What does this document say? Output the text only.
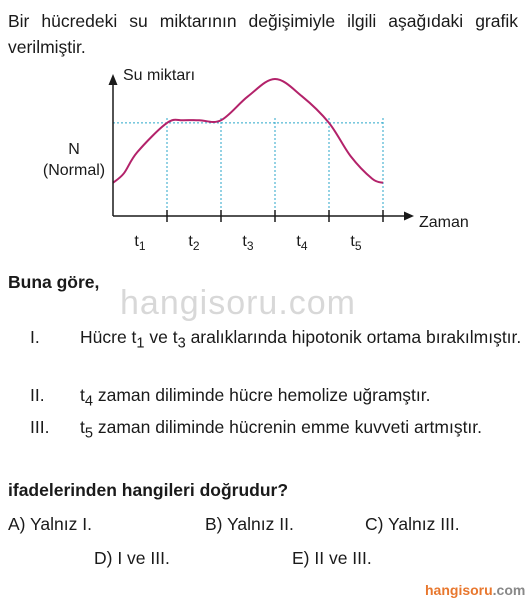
Bir hücredeki su miktarının değişimiyle ilgili aşağıdaki grafik verilmiştir.
Su miktarı
Zaman
N
(Normal)
$t_1$	$t_2$	$t_3$	$t_4$	$t_5$
hangisoru.com
Buna göre,
I. Hücre $t_1$ ve $t_3$ aralıklarında hipotonik ortama bırakılmıştır.
II. $t_4$ zaman diliminde hücre hemolize uğramştır.
III. $t_5$ zaman diliminde hücrenin emme kuvveti artmıştır.
ifadelerinden hangileri doğrudur?
A) Yalnız I.	B) Yalnız II.	C) Yalnız III.
D) I ve III.	E) II ve III.
hangisoru.com
